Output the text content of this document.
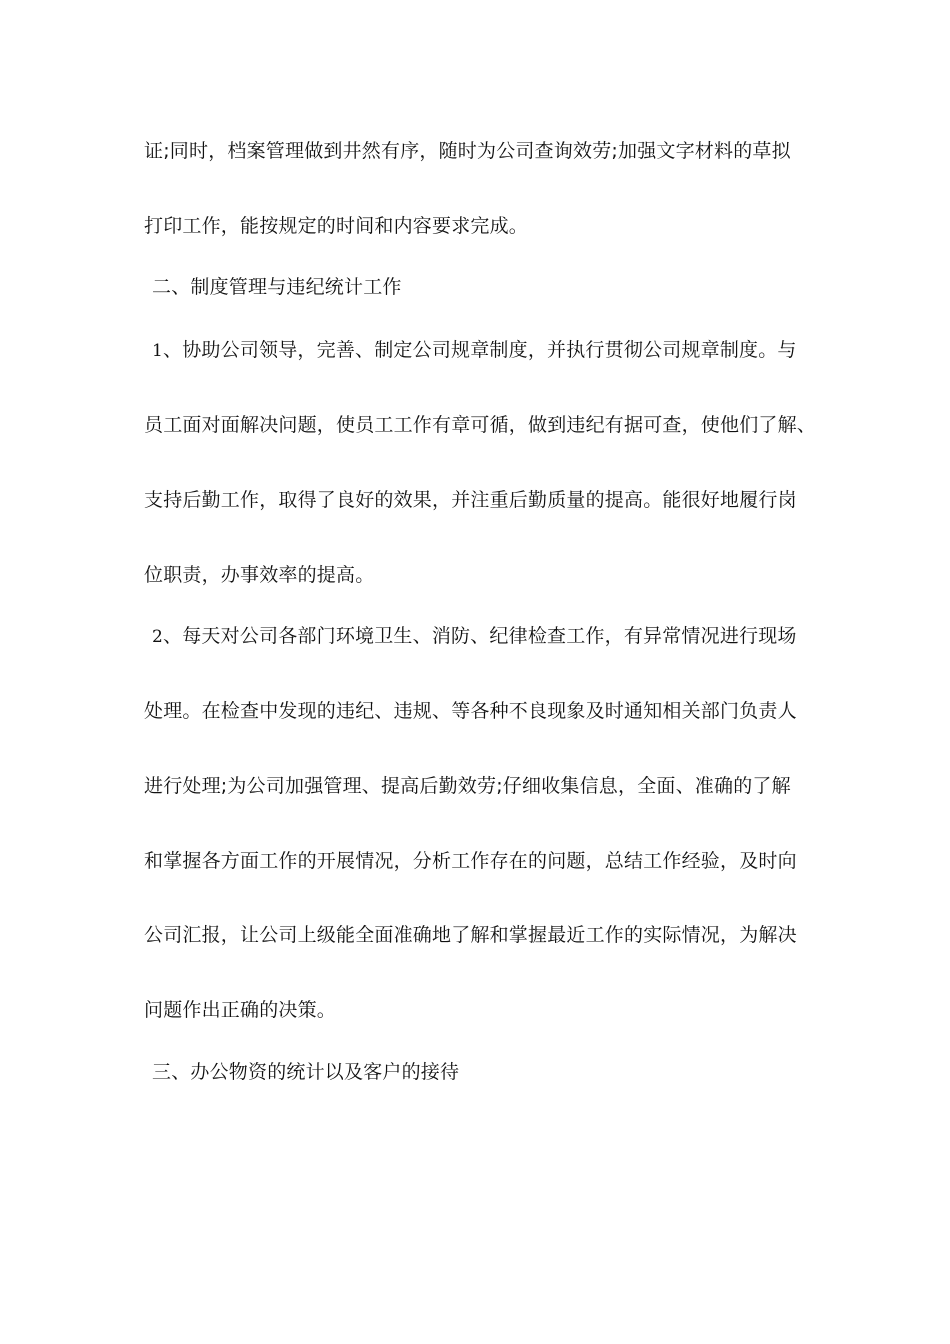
证;同时，档案管理做到井然有序，随时为公司查询效劳;加强文字材料的草拟
打印工作，能按规定的时间和内容要求完成。
二、制度管理与违纪统计工作
1、协助公司领导，完善、制定公司规章制度，并执行贯彻公司规章制度。与
员工面对面解决问题，使员工工作有章可循，做到违纪有据可查，使他们了解、
支持后勤工作，取得了良好的效果，并注重后勤质量的提高。能很好地履行岗
位职责，办事效率的提高。
2、每天对公司各部门环境卫生、消防、纪律检查工作，有异常情况进行现场
处理。在检查中发现的违纪、违规、等各种不良现象及时通知相关部门负责人
进行处理;为公司加强管理、提高后勤效劳;仔细收集信息，全面、准确的了解
和掌握各方面工作的开展情况，分析工作存在的问题，总结工作经验，及时向
公司汇报，让公司上级能全面准确地了解和掌握最近工作的实际情况，为解决
问题作出正确的决策。
三、办公物资的统计以及客户的接待
